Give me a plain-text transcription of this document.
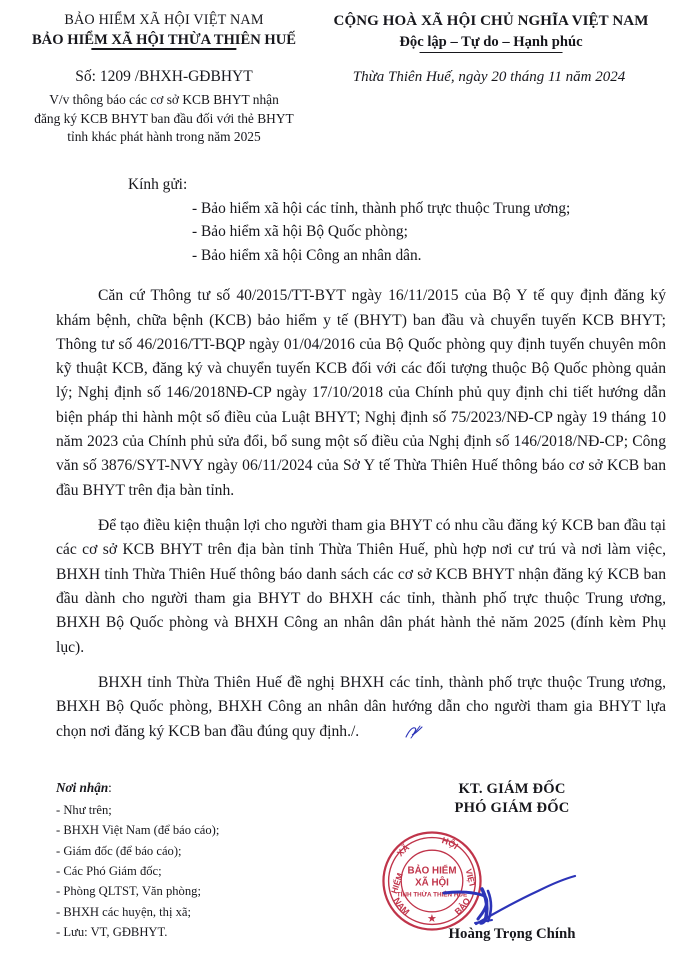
BẢO HIỂM XÃ HỘI VIỆT NAM
BẢO HIỂM XÃ HỘI THỪA THIÊN HUẾ
CỘNG HOÀ XÃ HỘI CHỦ NGHĨA VIỆT NAM
Độc lập – Tự do – Hạnh phúc
Số: 1209 /BHXH-GĐBHYT
V/v thông báo các cơ sở KCB BHYT nhận
đăng ký KCB BHYT ban đầu đối với thẻ BHYT
tỉnh khác phát hành trong năm 2025
Thừa Thiên Huế, ngày 20 tháng 11 năm 2024
Kính gửi:
- Bảo hiểm xã hội các tỉnh, thành phố trực thuộc Trung ương;
- Bảo hiểm xã hội Bộ Quốc phòng;
- Bảo hiểm xã hội Công an nhân dân.

Căn cứ Thông tư số 40/2015/TT-BYT ngày 16/11/2015 của Bộ Y tế quy định đăng ký khám bệnh, chữa bệnh (KCB) bảo hiểm y tế (BHYT) ban đầu và chuyển tuyến KCB BHYT; Thông tư số 46/2016/TT-BQP ngày 01/04/2016 của Bộ Quốc phòng quy định tuyến chuyên môn kỹ thuật KCB, đăng ký và chuyển tuyến KCB đối với các đối tượng thuộc Bộ Quốc phòng quản lý; Nghị định số 146/2018NĐ-CP ngày 17/10/2018 của Chính phủ quy định chi tiết hướng dẫn biện pháp thi hành một số điều của Luật BHYT; Nghị định số 75/2023/NĐ-CP ngày 19 tháng 10 năm 2023 của Chính phủ sửa đổi, bổ sung một số điều của Nghị định số 146/2018/NĐ-CP; Công văn số 3876/SYT-NVY ngày 06/11/2024 của Sở Y tế Thừa Thiên Huế thông báo cơ sở KCB ban đầu BHYT trên địa bàn tỉnh.

Để tạo điều kiện thuận lợi cho người tham gia BHYT có nhu cầu đăng ký KCB ban đầu tại các cơ sở KCB BHYT trên địa bàn tỉnh Thừa Thiên Huế, phù hợp nơi cư trú và nơi làm việc, BHXH tỉnh Thừa Thiên Huế thông báo danh sách các cơ sở KCB BHYT nhận đăng ký KCB ban đầu dành cho người tham gia BHYT do BHXH các tỉnh, thành phố trực thuộc Trung ương, BHXH Bộ Quốc phòng và BHXH Công an nhân dân phát hành thẻ năm 2025 (đính kèm Phụ lục).

BHXH tỉnh Thừa Thiên Huế đề nghị BHXH các tỉnh, thành phố trực thuộc Trung ương, BHXH Bộ Quốc phòng, BHXH Công an nhân dân hướng dẫn cho người tham gia BHYT lựa chọn nơi đăng ký KCB ban đầu đúng quy định./.

Nơi nhận:
- Như trên;
- BHXH Việt Nam (để báo cáo);
- Giám đốc (để báo cáo);
- Các Phó Giám đốc;
- Phòng QLTST, Văn phòng;
- BHXH các huyện, thị xã;
- Lưu: VT, GĐBHYT.
KT. GIÁM ĐỐC
PHÓ GIÁM ĐỐC
XÃ
HỘI
NAM	BẢO
HIỂM	VIỆT
BẢO HIỂM
XÃ HỘI
TỈNH THỪA THIÊN HUẾ
★
Hoàng Trọng Chính
